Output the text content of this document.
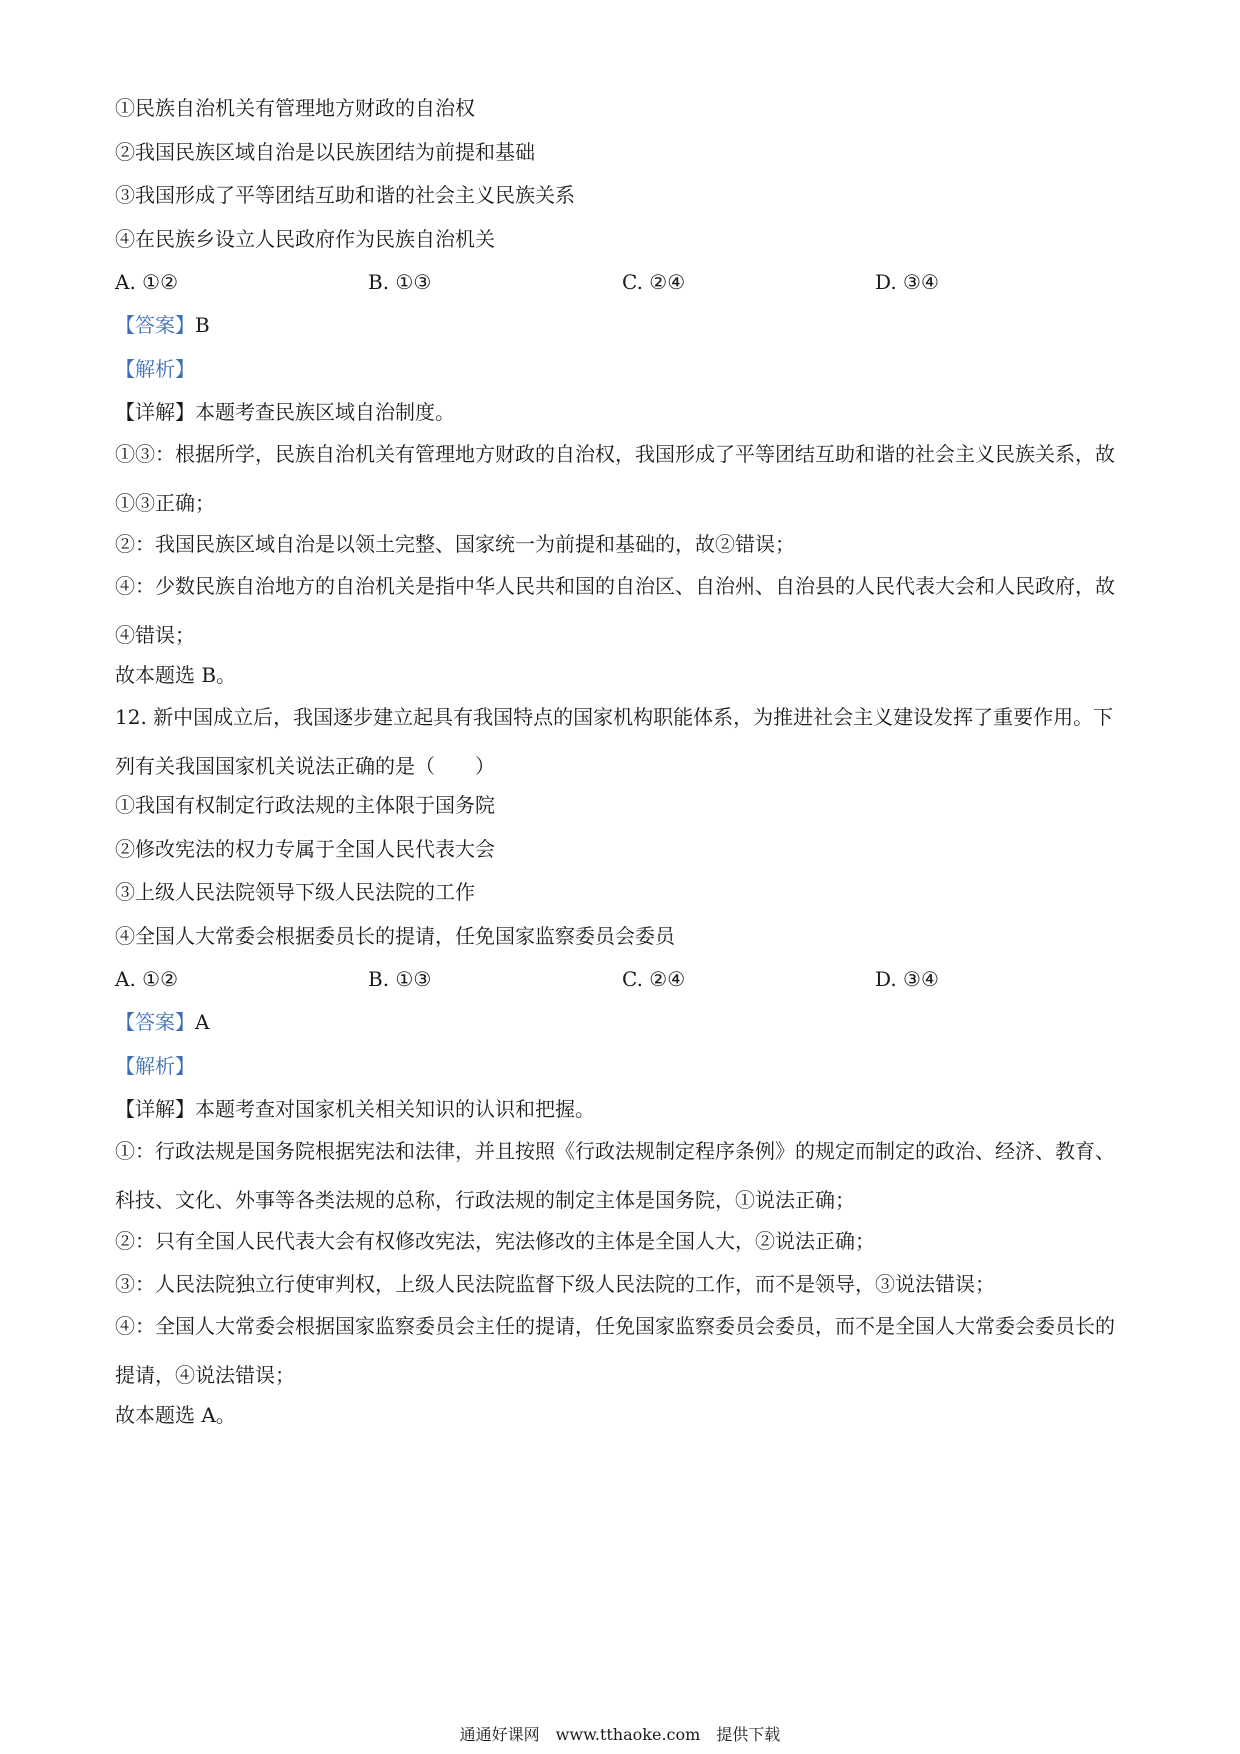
①民族自治机关有管理地方财政的自治权
②我国民族区域自治是以民族团结为前提和基础
③我国形成了平等团结互助和谐的社会主义民族关系
④在民族乡设立人民政府作为民族自治机关
A. ①②	B. ①③	C. ②④	D. ③④
【答案】B
【解析】
【详解】本题考查民族区域自治制度。
①③：根据所学，民族自治机关有管理地方财政的自治权，我国形成了平等团结互助和谐的社会主义民族关系，故①③正确；
②：我国民族区域自治是以领土完整、国家统一为前提和基础的，故②错误；
④：少数民族自治地方的自治机关是指中华人民共和国的自治区、自治州、自治县的人民代表大会和人民政府，故④错误；
故本题选 B。
12. 新中国成立后，我国逐步建立起具有我国特点的国家机构职能体系，为推进社会主义建设发挥了重要作用。下列有关我国国家机关说法正确的是（　　）
①我国有权制定行政法规的主体限于国务院
②修改宪法的权力专属于全国人民代表大会
③上级人民法院领导下级人民法院的工作
④全国人大常委会根据委员长的提请，任免国家监察委员会委员
A. ①②	B. ①③	C. ②④	D. ③④
【答案】A
【解析】
【详解】本题考查对国家机关相关知识的认识和把握。
①：行政法规是国务院根据宪法和法律，并且按照《行政法规制定程序条例》的规定而制定的政治、经济、教育、科技、文化、外事等各类法规的总称，行政法规的制定主体是国务院，①说法正确；
②：只有全国人民代表大会有权修改宪法，宪法修改的主体是全国人大，②说法正确；
③：人民法院独立行使审判权，上级人民法院监督下级人民法院的工作，而不是领导，③说法错误；
④：全国人大常委会根据国家监察委员会主任的提请，任免国家监察委员会委员，而不是全国人大常委会委员长的提请，④说法错误；
故本题选 A。
通通好课网　www.tthaoke.com　提供下载
